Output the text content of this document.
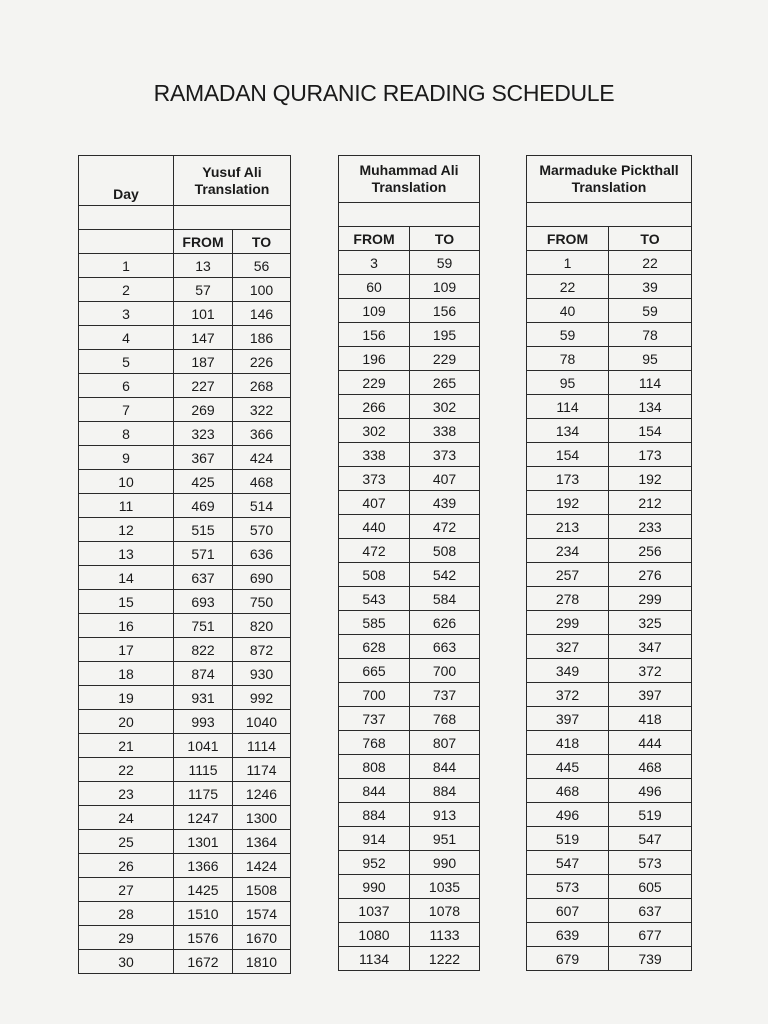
RAMADAN QURANIC READING SCHEDULE
Day	Yusuf Ali
Translation	

	FROM	TO
1	13	56
2	57	100
3	101	146
4	147	186
5	187	226
6	227	268
7	269	322
8	323	366
9	367	424
10	425	468
11	469	514
12	515	570
13	571	636
14	637	690
15	693	750
16	751	820
17	822	872
18	874	930
19	931	992
20	993	1040
21	1041	1114
22	1115	1174
23	1175	1246
24	1247	1300
25	1301	1364
26	1366	1424
27	1425	1508
28	1510	1574
29	1576	1670
30	1672	1810
Muhammad Ali
Translation	

FROM	TO
3	59
60	109
109	156
156	195
196	229
229	265
266	302
302	338
338	373
373	407
407	439
440	472
472	508
508	542
543	584
585	626
628	663
665	700
700	737
737	768
768	807
808	844
844	884
884	913
914	951
952	990
990	1035
1037	1078
1080	1133
1134	1222
Marmaduke Pickthall
Translation	

FROM	TO
1	22
22	39
40	59
59	78
78	95
95	114
114	134
134	154
154	173
173	192
192	212
213	233
234	256
257	276
278	299
299	325
327	347
349	372
372	397
397	418
418	444
445	468
468	496
496	519
519	547
547	573
573	605
607	637
639	677
679	739
